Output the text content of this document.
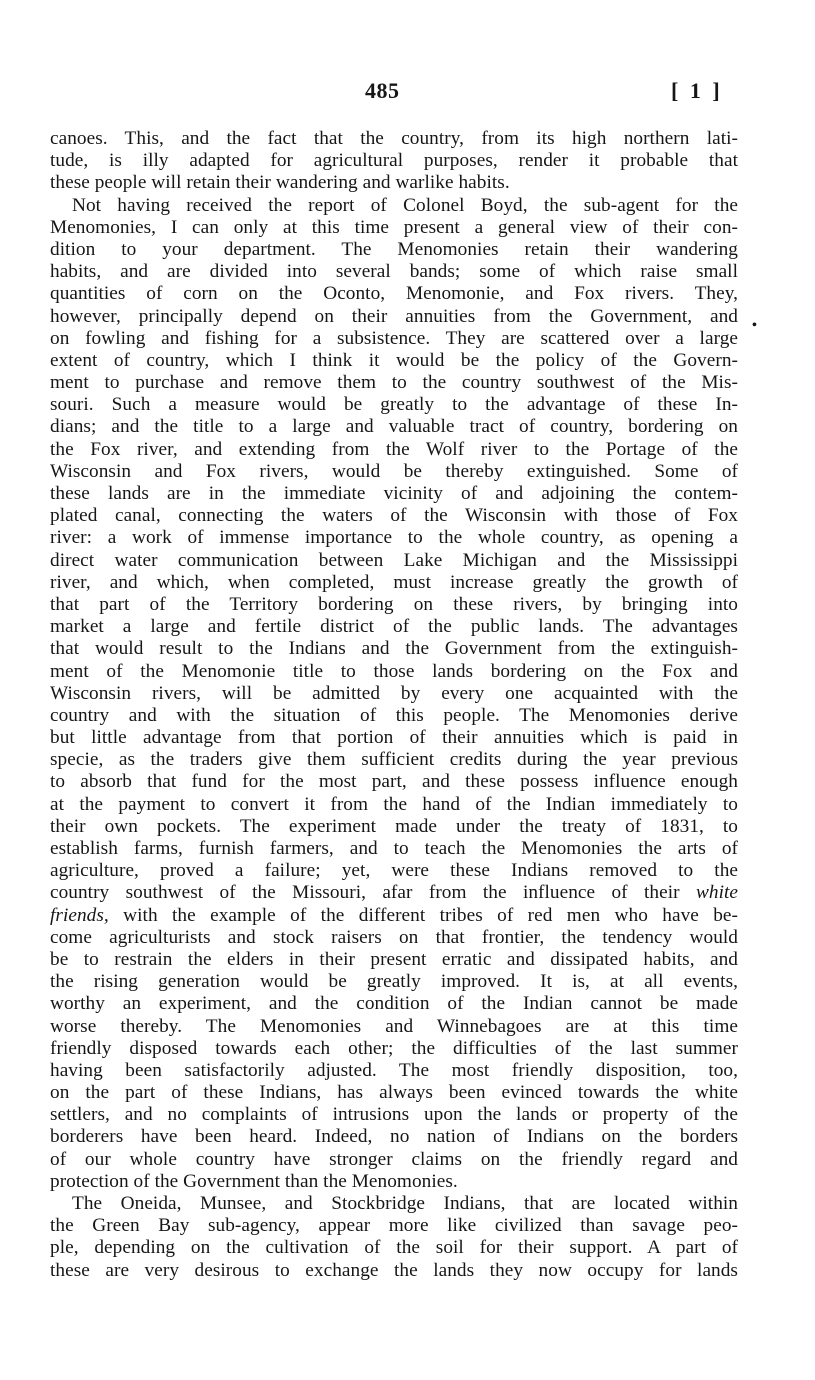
485	[ 1 ]
•
canoes. This, and the fact that the country, from its high northern lati-
tude, is illy adapted for agricultural purposes, render it probable that
these people will retain their wandering and warlike habits.
Not having received the report of Colonel Boyd, the sub-agent for the
Menomonies, I can only at this time present a general view of their con-
dition to your department. The Menomonies retain their wandering
habits, and are divided into several bands; some of which raise small
quantities of corn on the Oconto, Menomonie, and Fox rivers. They,
however, principally depend on their annuities from the Government, and
on fowling and fishing for a subsistence. They are scattered over a large
extent of country, which I think it would be the policy of the Govern-
ment to purchase and remove them to the country southwest of the Mis-
souri. Such a measure would be greatly to the advantage of these In-
dians; and the title to a large and valuable tract of country, bordering on
the Fox river, and extending from the Wolf river to the Portage of the
Wisconsin and Fox rivers, would be thereby extinguished. Some of
these lands are in the immediate vicinity of and adjoining the contem-
plated canal, connecting the waters of the Wisconsin with those of Fox
river: a work of immense importance to the whole country, as opening a
direct water communication between Lake Michigan and the Mississippi
river, and which, when completed, must increase greatly the growth of
that part of the Territory bordering on these rivers, by bringing into
market a large and fertile district of the public lands. The advantages
that would result to the Indians and the Government from the extinguish-
ment of the Menomonie title to those lands bordering on the Fox and
Wisconsin rivers, will be admitted by every one acquainted with the
country and with the situation of this people. The Menomonies derive
but little advantage from that portion of their annuities which is paid in
specie, as the traders give them sufficient credits during the year previous
to absorb that fund for the most part, and these possess influence enough
at the payment to convert it from the hand of the Indian immediately to
their own pockets. The experiment made under the treaty of 1831, to
establish farms, furnish farmers, and to teach the Menomonies the arts of
agriculture, proved a failure; yet, were these Indians removed to the
country southwest of the Missouri, afar from the influence of their white
friends, with the example of the different tribes of red men who have be-
come agriculturists and stock raisers on that frontier, the tendency would
be to restrain the elders in their present erratic and dissipated habits, and
the rising generation would be greatly improved. It is, at all events,
worthy an experiment, and the condition of the Indian cannot be made
worse thereby. The Menomonies and Winnebagoes are at this time
friendly disposed towards each other; the difficulties of the last summer
having been satisfactorily adjusted. The most friendly disposition, too,
on the part of these Indians, has always been evinced towards the white
settlers, and no complaints of intrusions upon the lands or property of the
borderers have been heard. Indeed, no nation of Indians on the borders
of our whole country have stronger claims on the friendly regard and
protection of the Government than the Menomonies.
The Oneida, Munsee, and Stockbridge Indians, that are located within
the Green Bay sub-agency, appear more like civilized than savage peo-
ple, depending on the cultivation of the soil for their support. A part of
these are very desirous to exchange the lands they now occupy for lands
